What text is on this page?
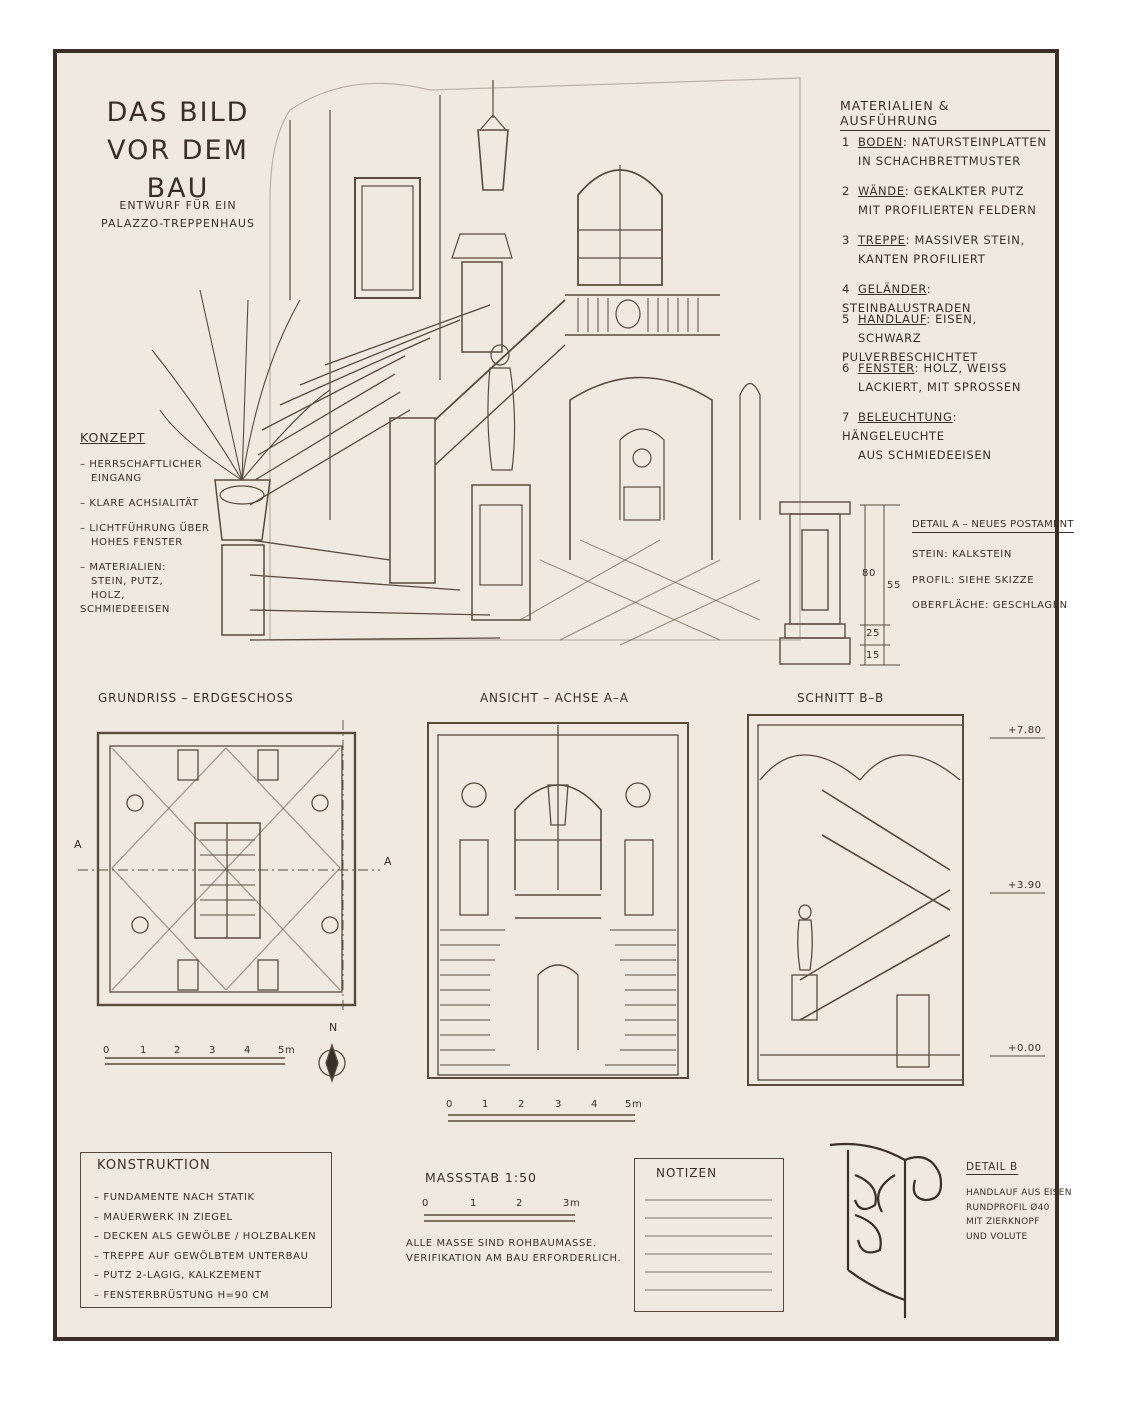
DAS BILD
VOR DEM BAU
ENTWURF FÜR EIN
PALAZZO-TREPPENHAUS
MATERIALIEN & AUSFÜHRUNG
1 BODEN: NATURSTEINPLATTEN
IN SCHACHBRETTMUSTER
2 WÄNDE: GEKALKTER PUTZ
MIT PROFILIERTEN FELDERN
3 TREPPE: MASSIVER STEIN,
KANTEN PROFILIERT
4 GELÄNDER: STEINBALUSTRADEN
5 HANDLAUF: EISEN,
SCHWARZ PULVERBESCHICHTET
6 FENSTER: HOLZ, WEISS
LACKIERT, MIT SPROSSEN
7 BELEUCHTUNG: HÄNGELEUCHTE
AUS SCHMIEDEEISEN
KONZEPT
– HERRSCHAFTLICHER
EINGANG
– KLARE ACHSIALITÄT
– LICHTFÜHRUNG ÜBER
HOHES FENSTER
– MATERIALIEN:
STEIN, PUTZ,
HOLZ, SCHMIEDEEISEN
DETAIL A – NEUES POSTAMENT
STEIN: KALKSTEIN
PROFIL: SIEHE SKIZZE
OBERFLÄCHE: GESCHLAGEN
80
55
25
15
GRUNDRISS – ERDGESCHOSS
A
A
N
0	1	2	3	4	5m
ANSICHT – ACHSE A–A
0	1	2	3	4	5m
SCHNITT B–B
+7.80
+3.90
+0.00
KONSTRUKTION
– FUNDAMENTE NACH STATIK
– MAUERWERK IN ZIEGEL
– DECKEN ALS GEWÖLBE / HOLZBALKEN
– TREPPE AUF GEWÖLBTEM UNTERBAU
– PUTZ 2-LAGIG, KALKZEMENT
– FENSTERBRÜSTUNG H=90 CM
MASSSTAB 1:50
0	1	2	3m
ALLE MASSE SIND ROHBAUMASSE.
VERIFIKATION AM BAU ERFORDERLICH.
NOTIZEN	DETAIL B
HANDLAUF AUS EISEN
RUNDPROFIL Ø40
MIT ZIERKNOPF
UND VOLUTE
